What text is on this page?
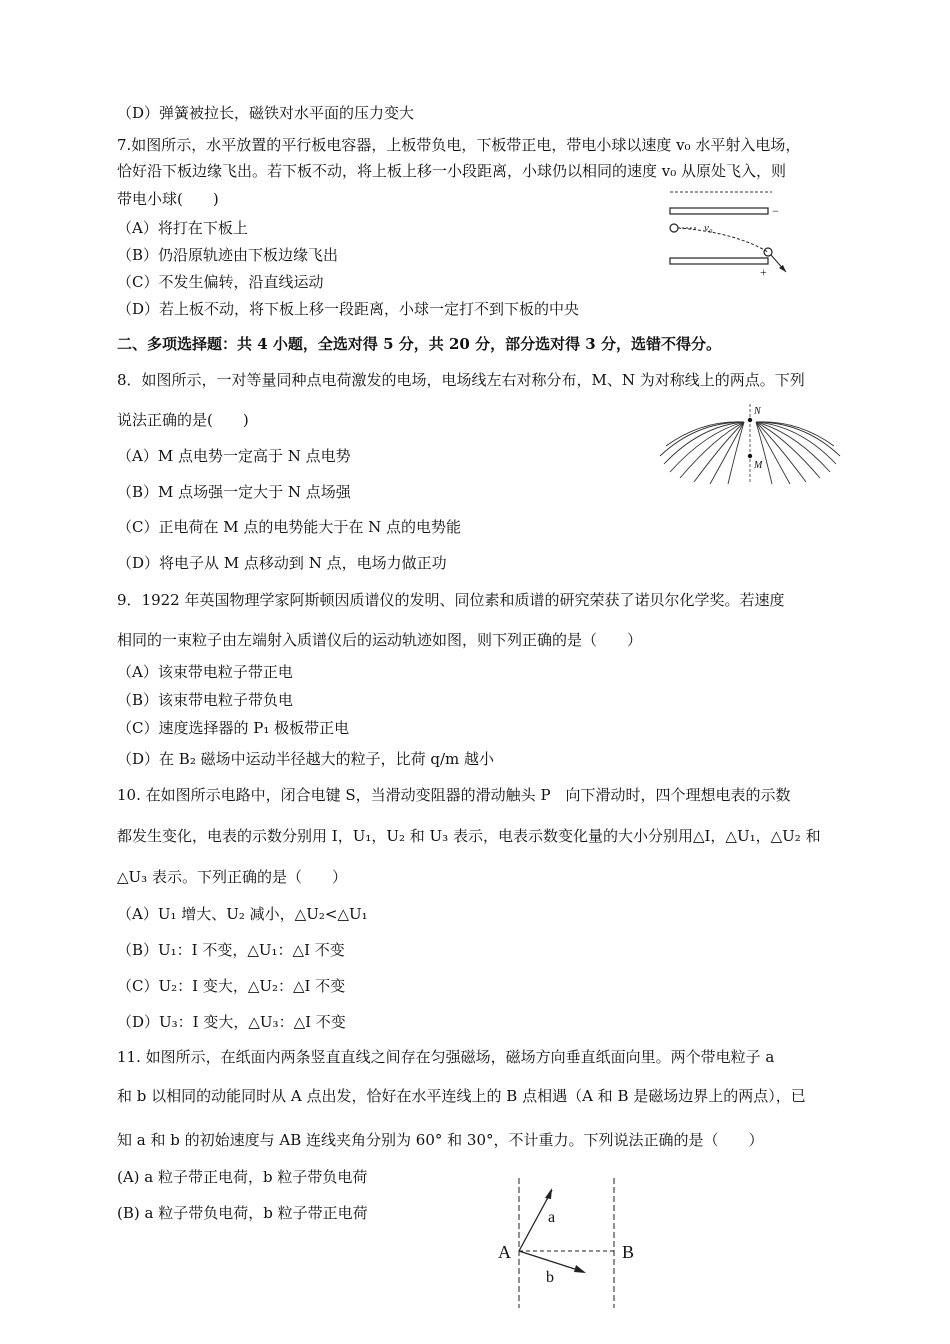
（D）弹簧被拉长，磁铁对水平面的压力变大
7.如图所示，水平放置的平行板电容器，上板带负电，下板带正电，带电小球以速度 v₀ 水平射入电场，
恰好沿下板边缘飞出。若下板不动，将上板上移一小段距离，小球仍以相同的速度 v₀ 从原处飞入，则
带电小球(　　)
（A）将打在下板上
（B）仍沿原轨迹由下板边缘飞出
（C）不发生偏转，沿直线运动
（D）若上板不动，将下板上移一段距离，小球一定打不到下板的中央
−
v₀
+
二、多项选择题：共 4 小题，全选对得 5 分，共 20 分，部分选对得 3 分，选错不得分。
8．如图所示，一对等量同种点电荷激发的电场，电场线左右对称分布，M、N 为对称线上的两点。下列
说法正确的是(　　)
（A）M 点电势一定高于 N 点电势
（B）M 点场强一定大于 N 点场强
（C）正电荷在 M 点的电势能大于在 N 点的电势能
（D）将电子从 M 点移动到 N 点，电场力做正功
N
M
9．1922 年英国物理学家阿斯顿因质谱仪的发明、同位素和质谱的研究荣获了诺贝尔化学奖。若速度
相同的一束粒子由左端射入质谱仪后的运动轨迹如图，则下列正确的是（　　）
（A）该束带电粒子带正电
（B）该束带电粒子带负电
（C）速度选择器的 P₁ 极板带正电
（D）在 B₂ 磁场中运动半径越大的粒子，比荷 q/m 越小
10. 在如图所示电路中，闭合电键 S，当滑动变阻器的滑动触头 P　向下滑动时，四个理想电表的示数
都发生变化，电表的示数分别用 I，U₁，U₂ 和 U₃ 表示，电表示数变化量的大小分别用△I，△U₁，△U₂ 和
△U₃ 表示。下列正确的是（　　）
（A）U₁ 增大、U₂ 减小，△U₂<△U₁
（B）U₁：I 不变，△U₁：△I 不变
（C）U₂：I 变大，△U₂：△I 不变
（D）U₃：I 变大，△U₃：△I 不变
11. 如图所示，在纸面内两条竖直直线之间存在匀强磁场，磁场方向垂直纸面向里。两个带电粒子 a
和 b 以相同的动能同时从 A 点出发，恰好在水平连线上的 B 点相遇（A 和 B 是磁场边界上的两点），已
知 a 和 b 的初始速度与 AB 连线夹角分别为 60° 和 30°，不计重力。下列说法正确的是（　　）
(A) a 粒子带正电荷，b 粒子带负电荷
(B) a 粒子带负电荷，b 粒子带正电荷	a
b
A	B
